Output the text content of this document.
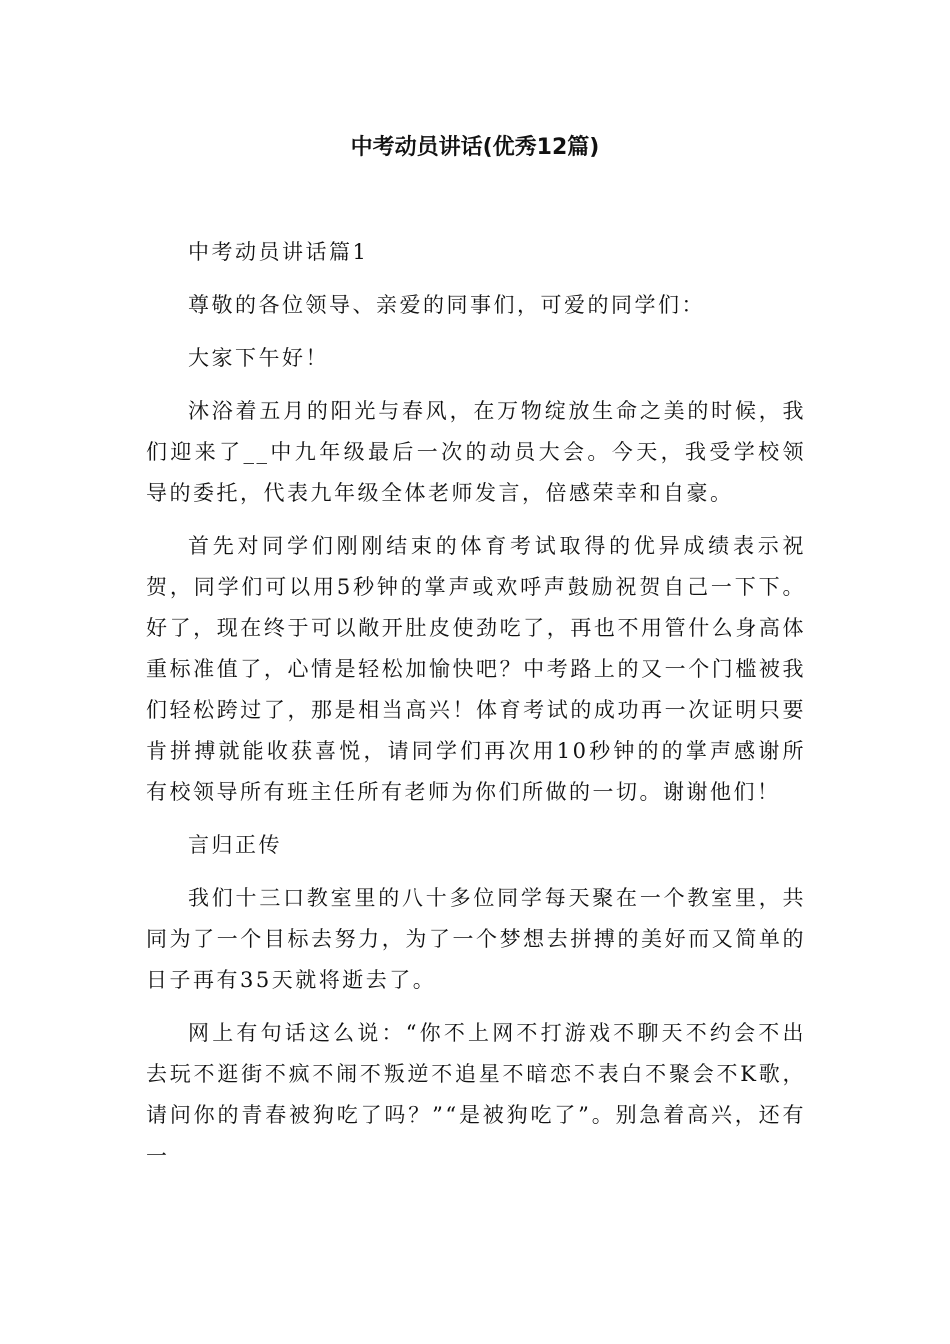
中考动员讲话(优秀12篇)

中考动员讲话篇1

尊敬的各位领导、亲爱的同事们，可爱的同学们：

大家下午好！

沐浴着五月的阳光与春风，在万物绽放生命之美的时候，我们迎来了__中九年级最后一次的动员大会。今天，我受学校领导的委托，代表九年级全体老师发言，倍感荣幸和自豪。

首先对同学们刚刚结束的体育考试取得的优异成绩表示祝贺，同学们可以用5秒钟的掌声或欢呼声鼓励祝贺自己一下下。好了，现在终于可以敞开肚皮使劲吃了，再也不用管什么身高体重标准值了，心情是轻松加愉快吧？中考路上的又一个门槛被我们轻松跨过了，那是相当高兴！体育考试的成功再一次证明只要肯拼搏就能收获喜悦，请同学们再次用10秒钟的的掌声感谢所有校领导所有班主任所有老师为你们所做的一切。谢谢他们！

言归正传

我们十三口教室里的八十多位同学每天聚在一个教室里，共同为了一个目标去努力，为了一个梦想去拼搏的美好而又简单的日子再有35天就将逝去了。

网上有句话这么说：“你不上网不打游戏不聊天不约会不出去玩不逛街不疯不闹不叛逆不追星不暗恋不表白不聚会不K歌，请问你的青春被狗吃了吗？”“是被狗吃了”。别急着高兴，还有一
